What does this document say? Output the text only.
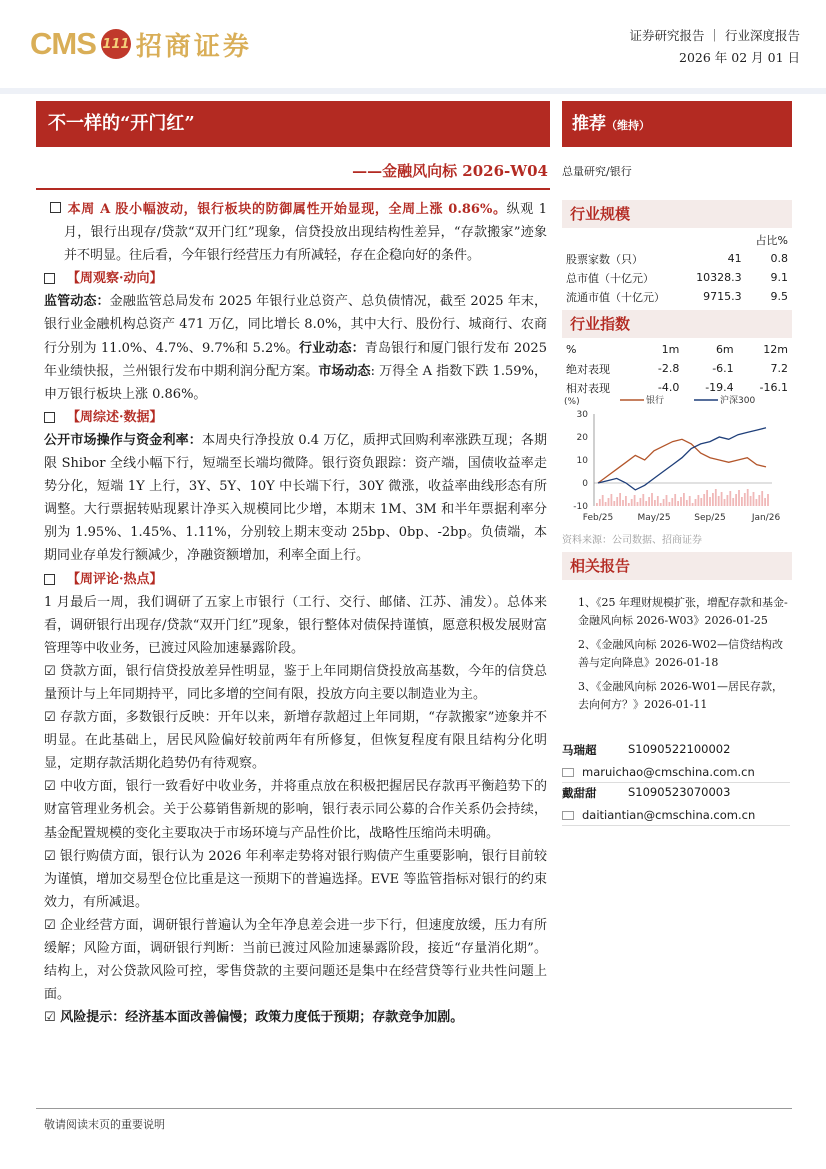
CMS 111 招商证券	证券研究报告 ｜ 行业深度报告
2026 年 02 月 01 日
不一样的“开门红”
——金融风向标 2026-W04
推荐（维持）

本周 A 股小幅波动，银行板块的防御属性开始显现，全周上涨 0.86%。纵观 1 月，银行出现存/贷款“双开门红”现象，信贷投放出现结构性差异，“存款搬家”迹象并不明显。往后看，今年银行经营压力有所减轻，存在企稳向好的条件。

【周观察·动向】

监管动态：金融监管总局发布 2025 年银行业总资产、总负债情况，截至 2025 年末，银行业金融机构总资产 471 万亿，同比增长 8.0%，其中大行、股份行、城商行、农商行分别为 11.0%、4.7%、9.7%和 5.2%。行业动态：青岛银行和厦门银行发布 2025 年业绩快报，兰州银行发布中期利润分配方案。市场动态: 万得全 A 指数下跌 1.59%，申万银行板块上涨 0.86%。

【周综述·数据】

公开市场操作与资金利率：本周央行净投放 0.4 万亿，质押式回购利率涨跌互现；各期限 Shibor 全线小幅下行，短端至长端均微降。银行资负跟踪：资产端，国债收益率走势分化，短端 1Y 上行，3Y、5Y、10Y 中长端下行，30Y 微涨，收益率曲线形态有所调整。大行票据转贴现累计净买入规模同比少增，本期末 1M、3M 和半年票据利率分别为 1.95%、1.45%、1.11%，分别较上期末变动 25bp、0bp、-2bp。负债端，本期同业存单发行额减少，净融资额增加，利率全面上行。

【周评论·热点】

1 月最后一周，我们调研了五家上市银行（工行、交行、邮储、江苏、浦发）。总体来看，调研银行出现存/贷款“双开门红”现象，银行整体对债保持谨慎，愿意积极发展财富管理等中收业务，已渡过风险加速暴露阶段。

☑ 贷款方面，银行信贷投放差异性明显，鉴于上年同期信贷投放高基数，今年的信贷总量预计与上年同期持平，同比多增的空间有限，投放方向主要以制造业为主。

☑ 存款方面，多数银行反映：开年以来，新增存款超过上年同期，“存款搬家”迹象并不明显。在此基础上，居民风险偏好较前两年有所修复，但恢复程度有限且结构分化明显，定期存款活期化趋势仍有待观察。

☑ 中收方面，银行一致看好中收业务，并将重点放在积极把握居民存款再平衡趋势下的财富管理业务机会。关于公募销售新规的影响，银行表示同公募的合作关系仍会持续，基金配置规模的变化主要取决于市场环境与产品性价比，战略性压缩尚未明确。

☑ 银行购债方面，银行认为 2026 年利率走势将对银行购债产生重要影响，银行目前较为谨慎，增加交易型仓位比重是这一预期下的普遍选择。EVE 等监管指标对银行的约束效力，有所减退。

☑ 企业经营方面，调研银行普遍认为全年净息差会进一步下行，但速度放缓，压力有所缓解；风险方面，调研银行判断：当前已渡过风险加速暴露阶段，接近“存量消化期”。结构上，对公贷款风险可控，零售贷款的主要问题还是集中在经营贷等行业共性问题上面。

☑ 风险提示：经济基本面改善偏慢；政策力度低于预期；存款竞争加剧。

总量研究/银行
行业规模
		占比%
股票家数（只）	41	0.8
总市值（十亿元）	10328.3	9.1
流通市值（十亿元）	9715.3	9.5
行业指数
%	1m	6m	12m
绝对表现	-2.8	-6.1	7.2
相对表现	-4.0	-19.4	-16.1
(%)	银行	沪深300
30
20
10
0
-10
Feb/25	May/25	Sep/25	Jan/26
资料来源：公司数据、招商证券
相关报告
1、《25 年理财规模扩张，增配存款和基金-金融风向标 2026-W03》2026-01-25
2、《金融风向标 2026-W02—信贷结构改善与定向降息》2026-01-18
3、《金融风向标 2026-W01—居民存款，去向何方？》2026-01-11
马瑞超	S1090522100002
maruichao@cmschina.com.cn
戴甜甜	S1090523070003
daitiantian@cmschina.com.cn
敬请阅读末页的重要说明
